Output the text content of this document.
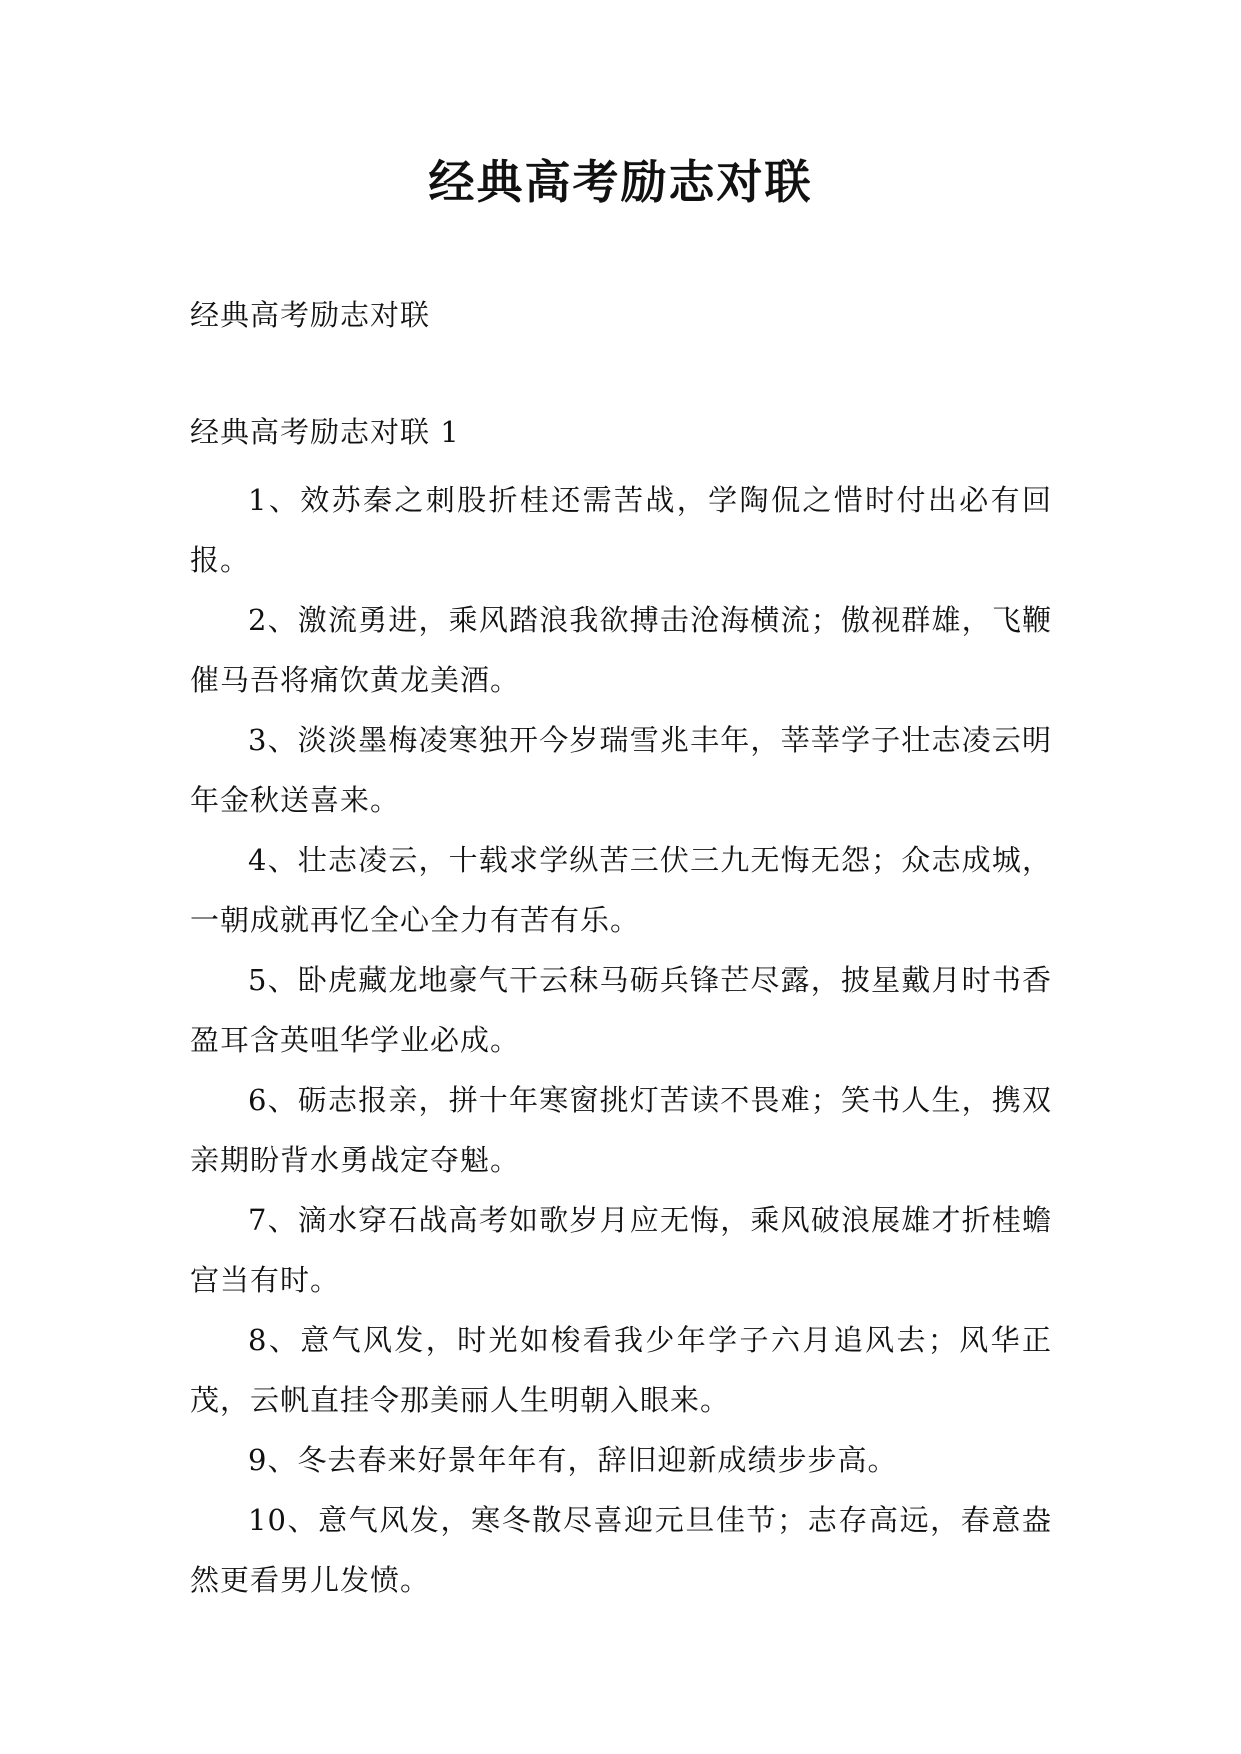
经典高考励志对联

经典高考励志对联

经典高考励志对联 1

1、效苏秦之刺股折桂还需苦战，学陶侃之惜时付出必有回报。
2、激流勇进，乘风踏浪我欲搏击沧海横流；傲视群雄，飞鞭催马吾将痛饮黄龙美酒。
3、淡淡墨梅凌寒独开今岁瑞雪兆丰年，莘莘学子壮志凌云明年金秋送喜来。
4、壮志凌云，十载求学纵苦三伏三九无悔无怨；众志成城，一朝成就再忆全心全力有苦有乐。
5、卧虎藏龙地豪气干云秣马砺兵锋芒尽露，披星戴月时书香盈耳含英咀华学业必成。
6、砺志报亲，拼十年寒窗挑灯苦读不畏难；笑书人生，携双亲期盼背水勇战定夺魁。
7、滴水穿石战高考如歌岁月应无悔，乘风破浪展雄才折桂蟾宫当有时。
8、意气风发，时光如梭看我少年学子六月追风去；风华正茂，云帆直挂令那美丽人生明朝入眼来。
9、冬去春来好景年年有，辞旧迎新成绩步步高。
10、意气风发，寒冬散尽喜迎元旦佳节；志存高远，春意盎然更看男儿发愤。
